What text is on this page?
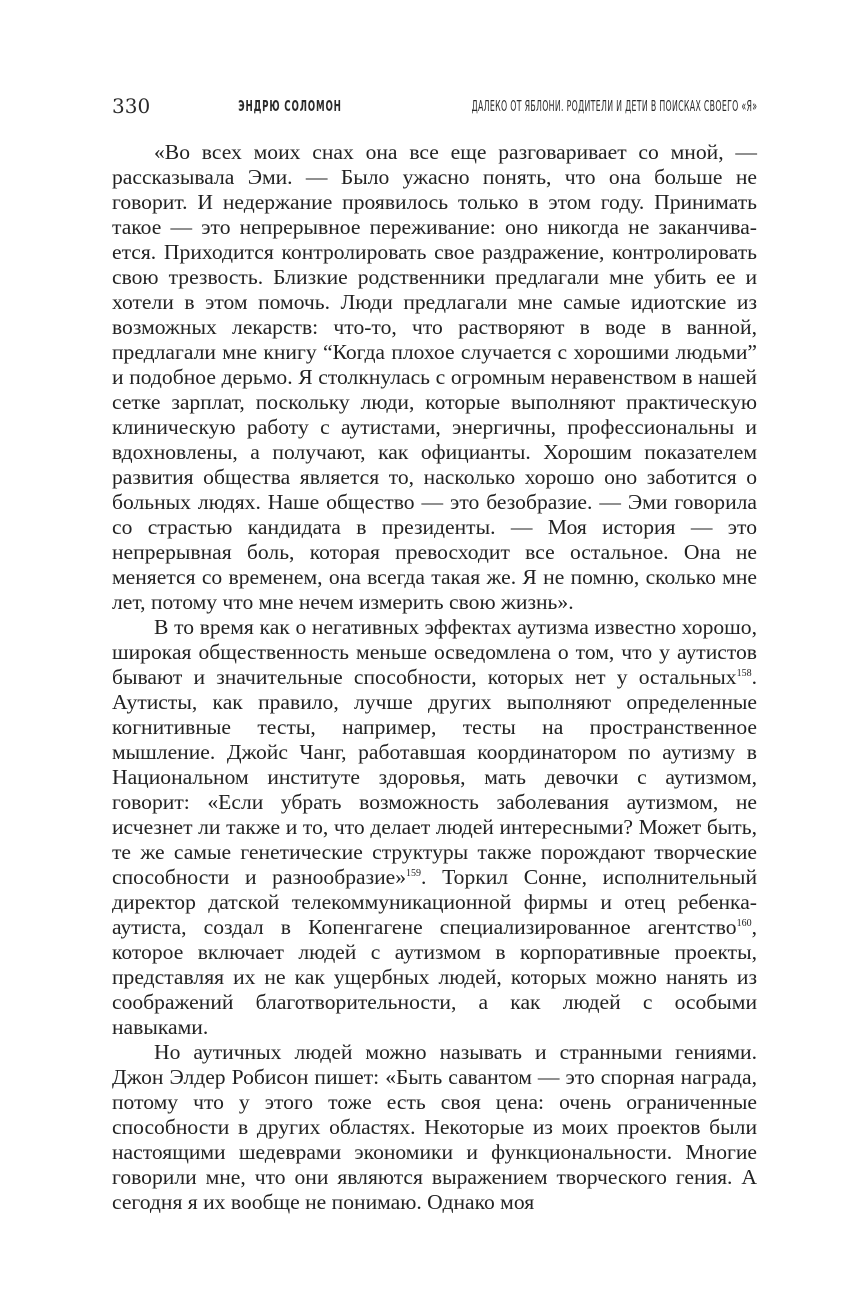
330	ЭНДРЮ СОЛОМОН	ДАЛЕКО ОТ ЯБЛОНИ. РОДИТЕЛИ И ДЕТИ В ПОИСКАХ СВОЕГО «Я»

«Во всех моих снах она все еще разговаривает со мной, — рассказывала Эми. — Было ужасно понять, что она больше не говорит. И недержание проявилось только в этом году. Принимать такое — это непрерывное переживание: оно никогда не заканчивается. Приходится контролировать свое раздражение, контролировать свою трезвость. Близкие родственники предлагали мне убить ее и хотели в этом помочь. Люди предлагали мне самые идиотские из возможных лекарств: что-то, что растворяют в воде в ванной, предлагали мне книгу “Когда плохое случается с хорошими людьми” и подобное дерьмо. Я столкнулась с огромным неравенством в нашей сетке зарплат, поскольку люди, которые выполняют практическую клиническую работу с аутистами, энергичны, профессиональны и вдохновлены, а получают, как официанты. Хорошим показателем развития общества является то, насколько хорошо оно заботится о больных людях. Наше общество — это безобразие. — Эми говорила со страстью кандидата в президенты. — Моя история — это непрерывная боль, которая превосходит все остальное. Она не меняется со временем, она всегда такая же. Я не помню, сколько мне лет, потому что мне нечем измерить свою жизнь».

В то время как о негативных эффектах аутизма известно хорошо, широкая общественность меньше осведомлена о том, что у аутистов бывают и значительные способности, которых нет у остальных$^{158}$. Аутисты, как правило, лучше других выполняют определенные когнитивные тесты, например, тесты на пространственное мышление. Джойс Чанг, работавшая координатором по аутизму в Национальном институте здоровья, мать девочки с аутизмом, говорит: «Если убрать возможность заболевания аутизмом, не исчезнет ли также и то, что делает людей интересными? Может быть, те же самые генетические структуры также порождают творческие способности и разнообразие»$^{159}$. Торкил Сонне, исполнительный директор датской телекоммуникационной фирмы и отец ребенка-аутиста, создал в Копенгагене специализированное агентство$^{160}$, которое включает людей с аутизмом в корпоративные проекты, представляя их не как ущербных людей, которых можно нанять из соображений благотворительности, а как людей с особыми навыками.

Но аутичных людей можно называть и странными гениями. Джон Элдер Робисон пишет: «Быть савантом — это спорная награда, потому что у этого тоже есть своя цена: очень ограниченные способности в других областях. Некоторые из моих проектов были настоящими шедеврами экономики и функциональности. Многие говорили мне, что они являются выражением творческого гения. А сегодня я их вообще не понимаю. Однако моя
